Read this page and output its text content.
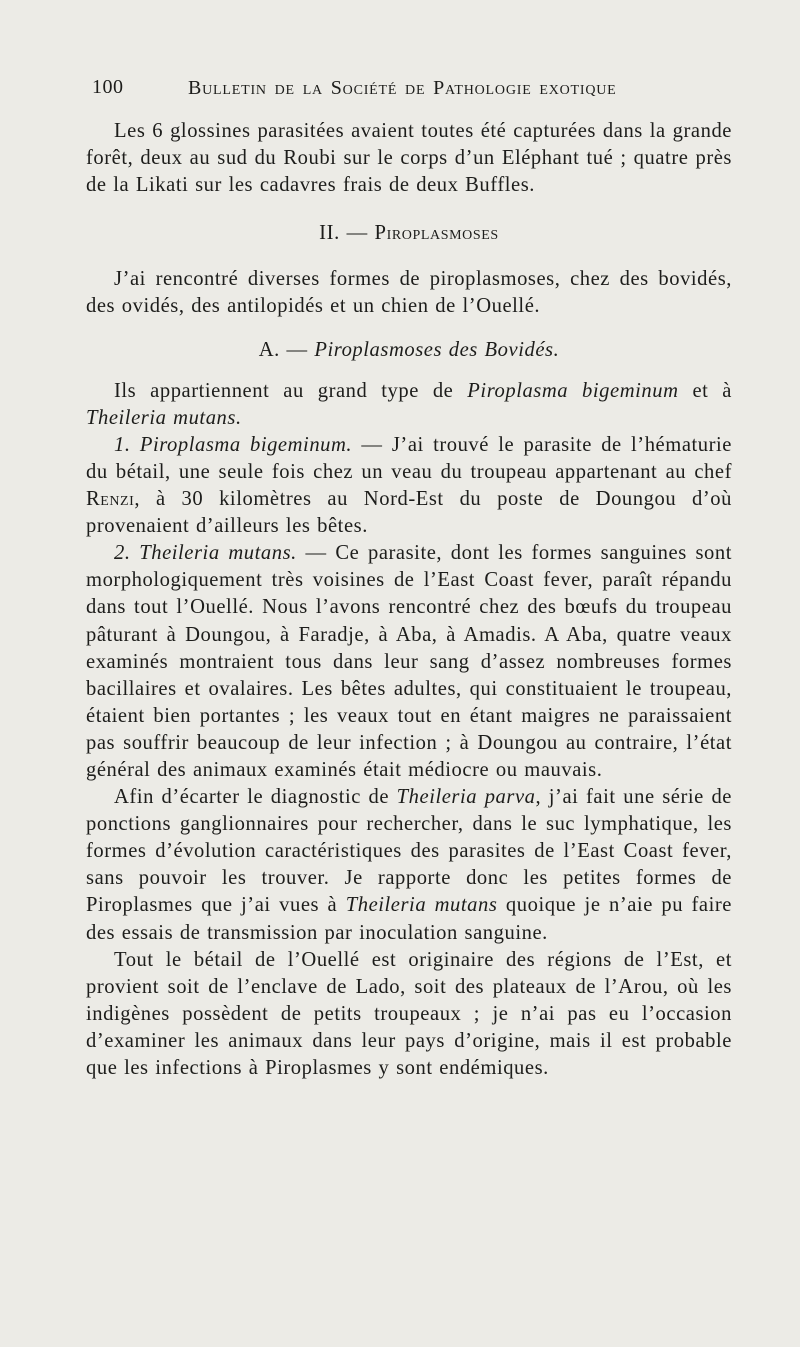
100	Bulletin de la Société de Pathologie exotique

Les 6 glossines parasitées avaient toutes été capturées dans la grande forêt, deux au sud du Roubi sur le corps d’un Eléphant tué ; quatre près de la Likati sur les cadavres frais de deux Buffles.

II. — Piroplasmoses

J’ai rencontré diverses formes de piroplasmoses, chez des bovidés, des ovidés, des antilopidés et un chien de l’Ouellé.

A. — Piroplasmoses des Bovidés.

Ils appartiennent au grand type de Piroplasma bigeminum et à Theileria mutans.

1. Piroplasma bigeminum. — J’ai trouvé le parasite de l’hématurie du bétail, une seule fois chez un veau du troupeau appartenant au chef Renzi, à 30 kilomètres au Nord-Est du poste de Doungou d’où provenaient d’ailleurs les bêtes.

2. Theileria mutans. — Ce parasite, dont les formes sanguines sont morphologiquement très voisines de l’East Coast fever, paraît répandu dans tout l’Ouellé. Nous l’avons rencontré chez des bœufs du troupeau pâturant à Doungou, à Faradje, à Aba, à Amadis. A Aba, quatre veaux examinés montraient tous dans leur sang d’assez nombreuses formes bacillaires et ovalaires. Les bêtes adultes, qui constituaient le troupeau, étaient bien portantes ; les veaux tout en étant maigres ne paraissaient pas souffrir beaucoup de leur infection ; à Doungou au contraire, l’état général des animaux examinés était médiocre ou mauvais.

Afin d’écarter le diagnostic de Theileria parva, j’ai fait une série de ponctions ganglionnaires pour rechercher, dans le suc lymphatique, les formes d’évolution caractéristiques des parasites de l’East Coast fever, sans pouvoir les trouver. Je rapporte donc les petites formes de Piroplasmes que j’ai vues à Theileria mutans quoique je n’aie pu faire des essais de transmission par inoculation sanguine.

Tout le bétail de l’Ouellé est originaire des régions de l’Est, et provient soit de l’enclave de Lado, soit des plateaux de l’Arou, où les indigènes possèdent de petits troupeaux ; je n’ai pas eu l’occasion d’examiner les animaux dans leur pays d’origine, mais il est probable que les infections à Piroplasmes y sont endémiques.
